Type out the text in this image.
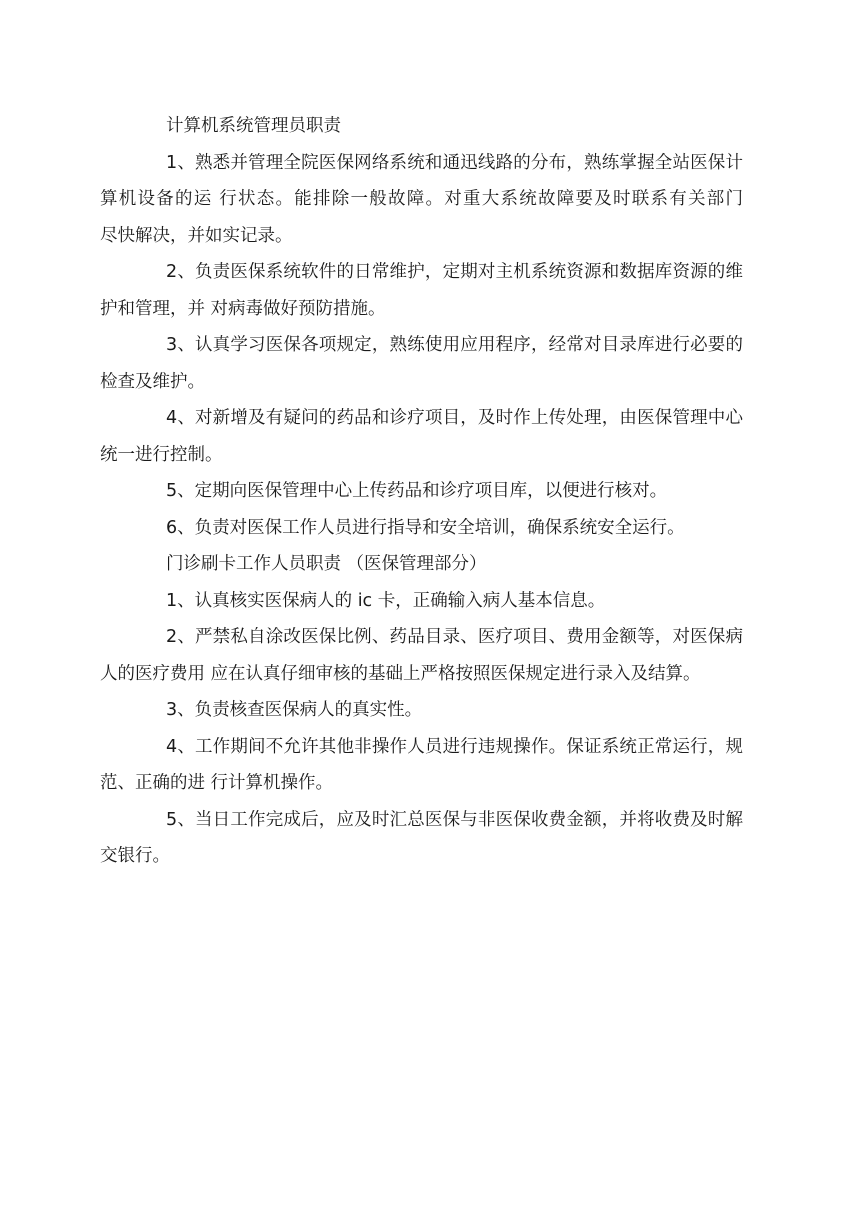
计算机系统管理员职责

1、熟悉并管理全院医保网络系统和通迅线路的分布，熟练掌握全站医保计
算机设备的运 行状态。能排除一般故障。对重大系统故障要及时联系有关部门
尽快解决，并如实记录。

2、负责医保系统软件的日常维护，定期对主机系统资源和数据库资源的维
护和管理，并 对病毒做好预防措施。

3、认真学习医保各项规定，熟练使用应用程序，经常对目录库进行必要的
检查及维护。

4、对新增及有疑问的药品和诊疗项目，及时作上传处理，由医保管理中心
统一进行控制。

5、定期向医保管理中心上传药品和诊疗项目库，以便进行核对。

6、负责对医保工作人员进行指导和安全培训，确保系统安全运行。

门诊刷卡工作人员职责 （医保管理部分）

1、认真核实医保病人的 ic 卡，正确输入病人基本信息。

2、严禁私自涂改医保比例、药品目录、医疗项目、费用金额等，对医保病
人的医疗费用 应在认真仔细审核的基础上严格按照医保规定进行录入及结算。

3、负责核查医保病人的真实性。

4、工作期间不允许其他非操作人员进行违规操作。保证系统正常运行，规
范、正确的进 行计算机操作。

5、当日工作完成后，应及时汇总医保与非医保收费金额，并将收费及时解
交银行。
